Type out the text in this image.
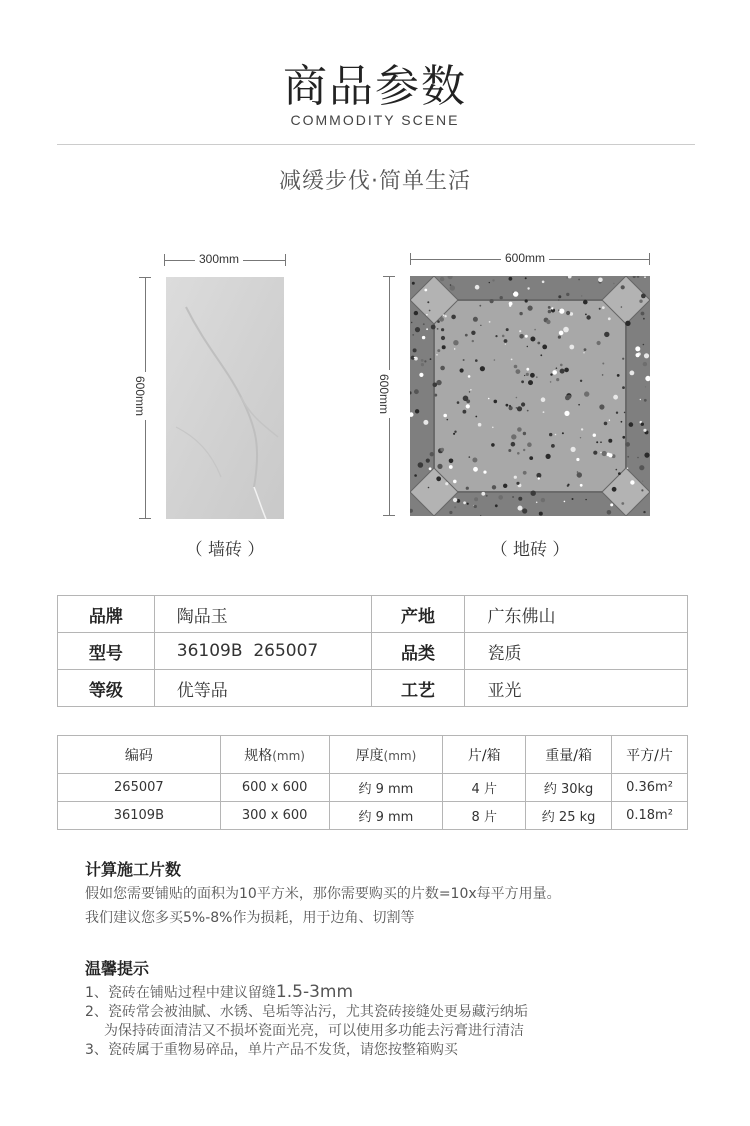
商品参数
COMMODITY SCENE
减缓步伐·简单生活
300mm
600mm
（ 墙砖 ）
600mm
600mm
（ 地砖 ）
品牌	陶品玉	产地	广东佛山
型号	36109B  265007	品类	瓷质
等级	优等品	工艺	亚光
编码	规格(mm)	厚度(mm)	片/箱	重量/箱	平方/片
265007	600 x 600	约 9 mm	4 片	约 30kg	0.36m²
36109B	300 x 600	约 9 mm	8 片	约 25 kg	0.18m²
计算施工片数
假如您需要铺贴的面积为10平方米，那你需要购买的片数=10x每平方用量。
我们建议您多买5%-8%作为损耗，用于边角、切割等
温馨提示
1、瓷砖在铺贴过程中建议留缝1.5-3mm
2、瓷砖常会被油腻、水锈、皂垢等沾污，尤其瓷砖接缝处更易藏污纳垢
为保持砖面清洁又不损坏瓷面光亮，可以使用多功能去污膏进行清洁
3、瓷砖属于重物易碎品，单片产品不发货，请您按整箱购买
